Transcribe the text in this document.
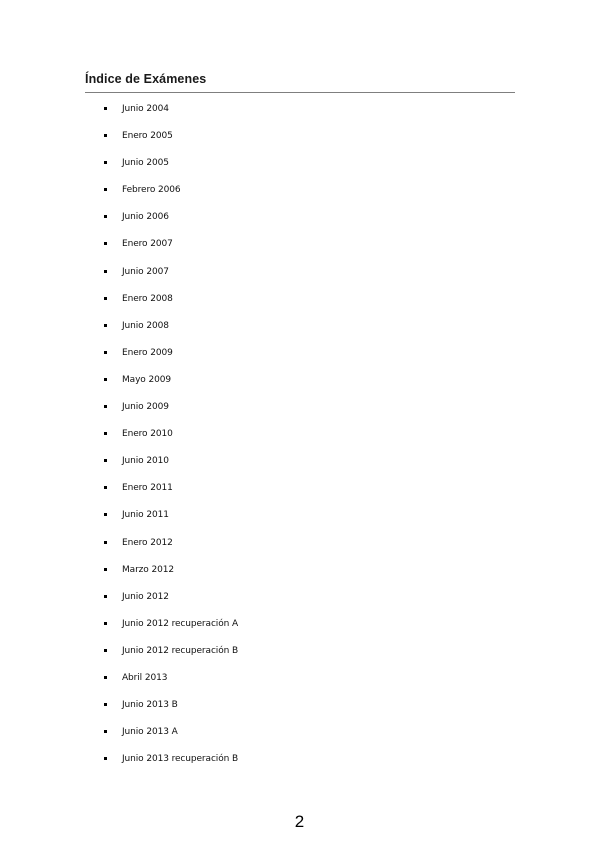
Índice de Exámenes
Junio 2004
Enero 2005
Junio 2005
Febrero 2006
Junio 2006
Enero 2007
Junio 2007
Enero 2008
Junio 2008
Enero 2009
Mayo 2009
Junio 2009
Enero 2010
Junio 2010
Enero 2011
Junio 2011
Enero 2012
Marzo 2012
Junio 2012
Junio 2012 recuperación A
Junio 2012 recuperación B
Abril 2013
Junio 2013 B
Junio 2013 A
Junio 2013 recuperación B
2
